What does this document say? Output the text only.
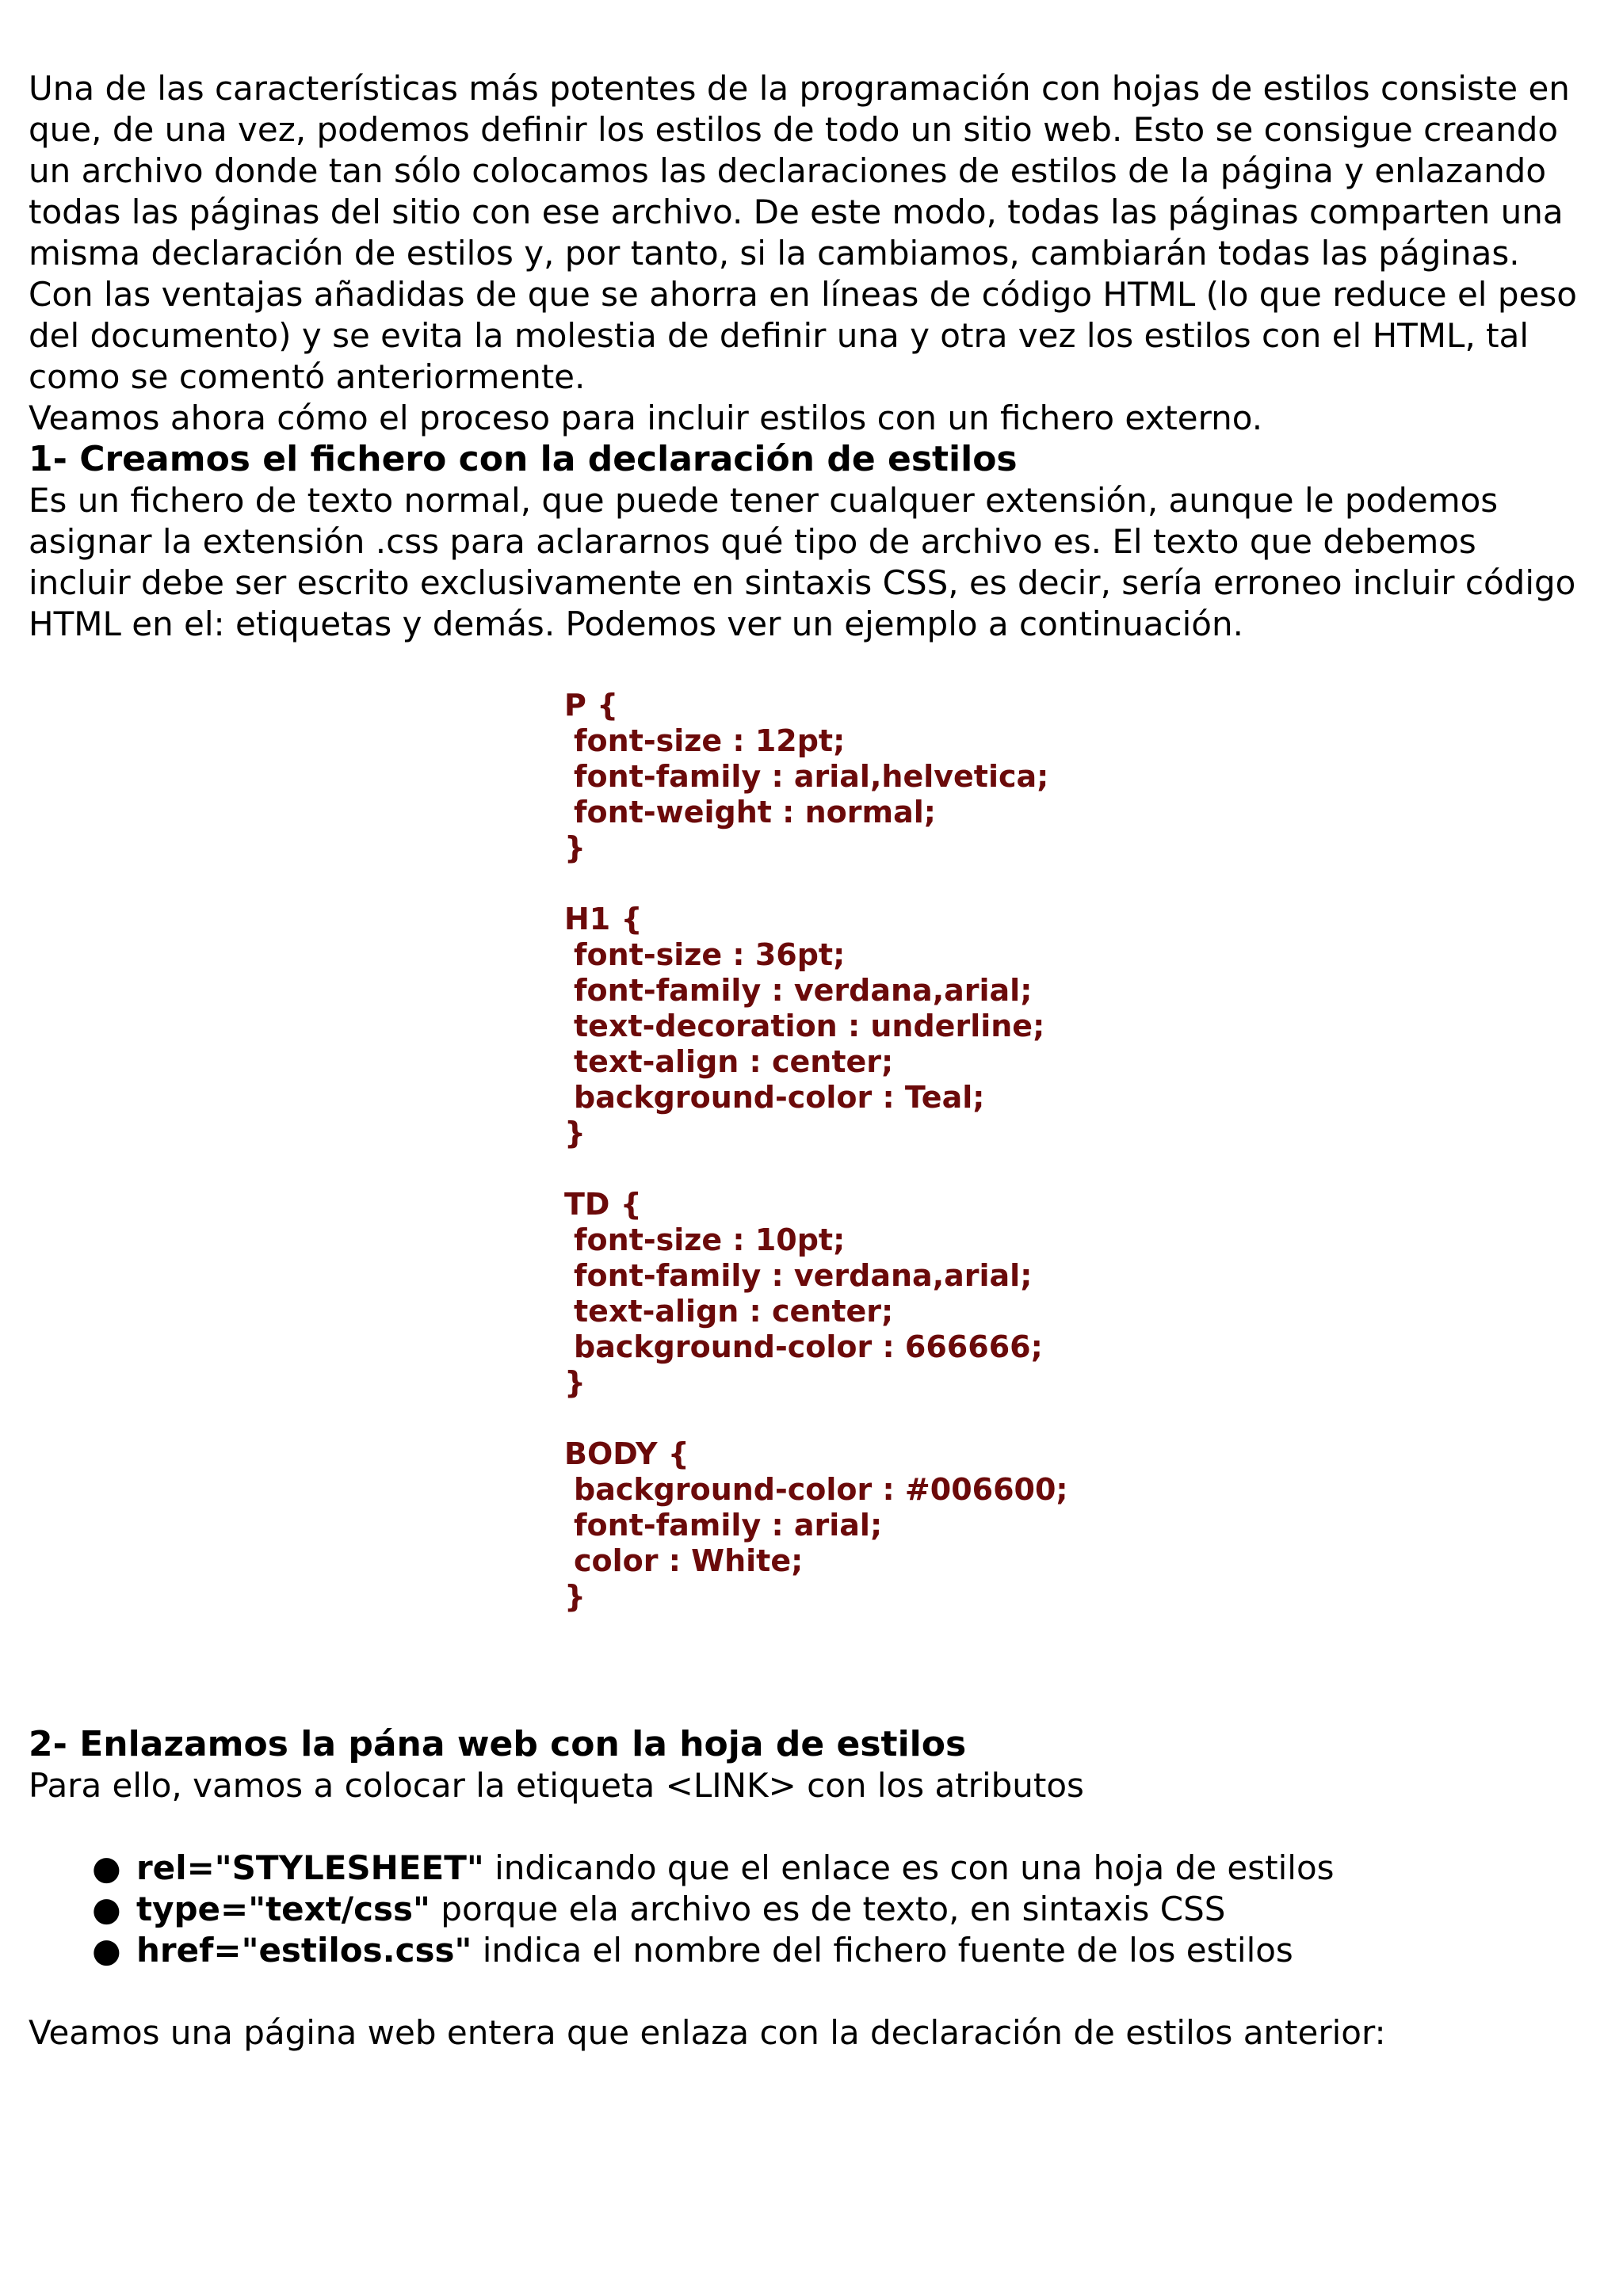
Una de las características más potentes de la programación con hojas de estilos consiste en que, de una vez, podemos definir los estilos de todo un sitio web. Esto se consigue creando un archivo donde tan sólo colocamos las declaraciones de estilos de la página y enlazando todas las páginas del sitio con ese archivo. De este modo, todas las páginas comparten una misma declaración de estilos y, por tanto, si la cambiamos, cambiarán todas las páginas. Con las ventajas añadidas de que se ahorra en líneas de código HTML (lo que reduce el peso del documento) y se evita la molestia de definir una y otra vez los estilos con el HTML, tal como se comentó anteriormente.

Veamos ahora cómo el proceso para incluir estilos con un fichero externo.

1- Creamos el fichero con la declaración de estilos

Es un fichero de texto normal, que puede tener cualquer extensión, aunque le podemos asignar la extensión .css para aclararnos qué tipo de archivo es. El texto que debemos incluir debe ser escrito exclusivamente en sintaxis CSS, es decir, sería erroneo incluir código HTML en el: etiquetas y demás. Podemos ver un ejemplo a continuación.

P {
font-size : 12pt;
font-family : arial,helvetica;
font-weight : normal;
}
H1 {
font-size : 36pt;
font-family : verdana,arial;
text-decoration : underline;
text-align : center;
background-color : Teal;
}
TD {
font-size : 10pt;
font-family : verdana,arial;
text-align : center;
background-color : 666666;
}
BODY {
background-color : #006600;
font-family : arial;
color : White;
}
2- Enlazamos la pána web con la hoja de estilos

Para ello, vamos a colocar la etiqueta <LINK> con los atributos

● rel="STYLESHEET" indicando que el enlace es con una hoja de estilos
● type="text/css" porque ela archivo es de texto, en sintaxis CSS
● href="estilos.css" indica el nombre del fichero fuente de los estilos

Veamos una página web entera que enlaza con la declaración de estilos anterior:
